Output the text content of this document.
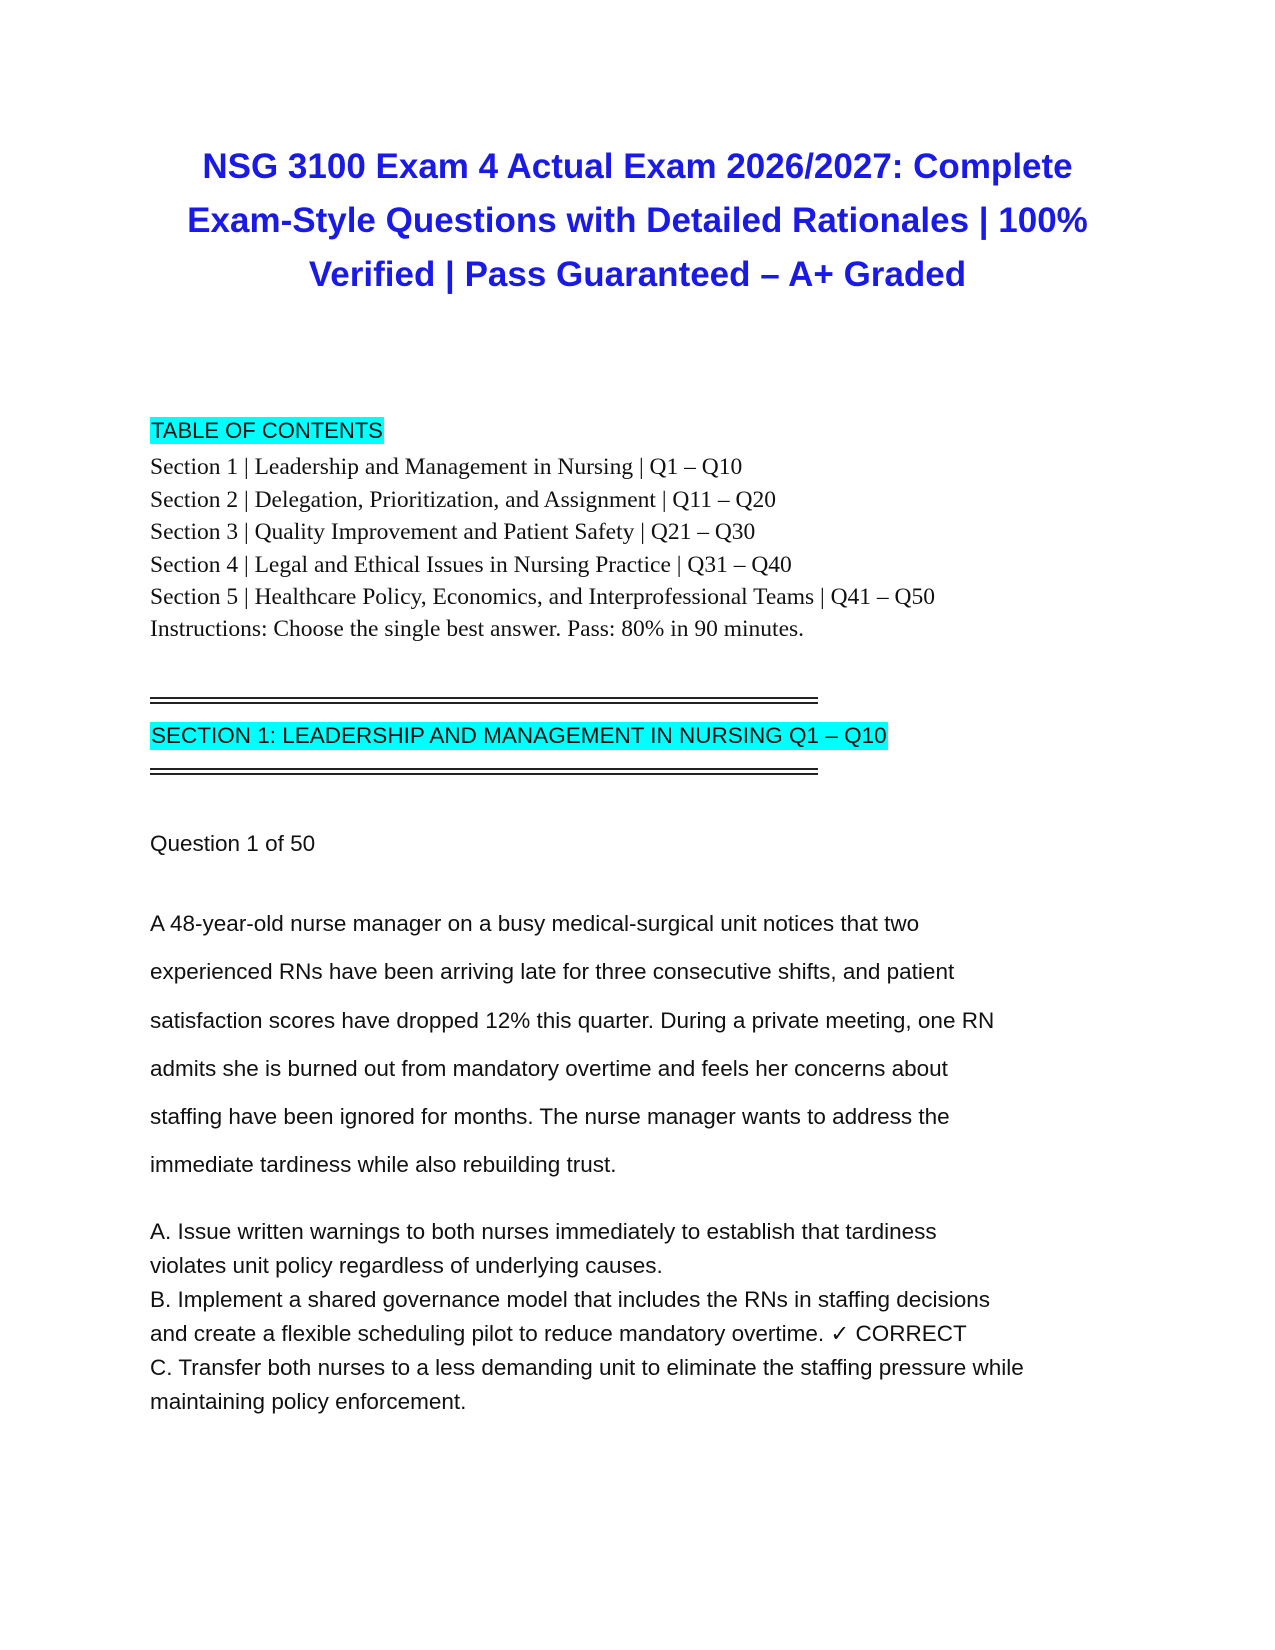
NSG 3100 Exam 4 Actual Exam 2026/2027: Complete
Exam-Style Questions with Detailed Rationales | 100%
Verified | Pass Guaranteed – A+ Graded
TABLE OF CONTENTS
Section 1 | Leadership and Management in Nursing | Q1 – Q10
Section 2 | Delegation, Prioritization, and Assignment | Q11 – Q20
Section 3 | Quality Improvement and Patient Safety | Q21 – Q30
Section 4 | Legal and Ethical Issues in Nursing Practice | Q31 – Q40
Section 5 | Healthcare Policy, Economics, and Interprofessional Teams | Q41 – Q50
Instructions: Choose the single best answer. Pass: 80% in 90 minutes.
SECTION 1: LEADERSHIP AND MANAGEMENT IN NURSING Q1 – Q10
Question 1 of 50
A 48-year-old nurse manager on a busy medical-surgical unit notices that two
experienced RNs have been arriving late for three consecutive shifts, and patient
satisfaction scores have dropped 12% this quarter. During a private meeting, one RN
admits she is burned out from mandatory overtime and feels her concerns about
staffing have been ignored for months. The nurse manager wants to address the
immediate tardiness while also rebuilding trust.
A. Issue written warnings to both nurses immediately to establish that tardiness
violates unit policy regardless of underlying causes.
B. Implement a shared governance model that includes the RNs in staffing decisions
and create a flexible scheduling pilot to reduce mandatory overtime. ✓ CORRECT
C. Transfer both nurses to a less demanding unit to eliminate the staffing pressure while
maintaining policy enforcement.
